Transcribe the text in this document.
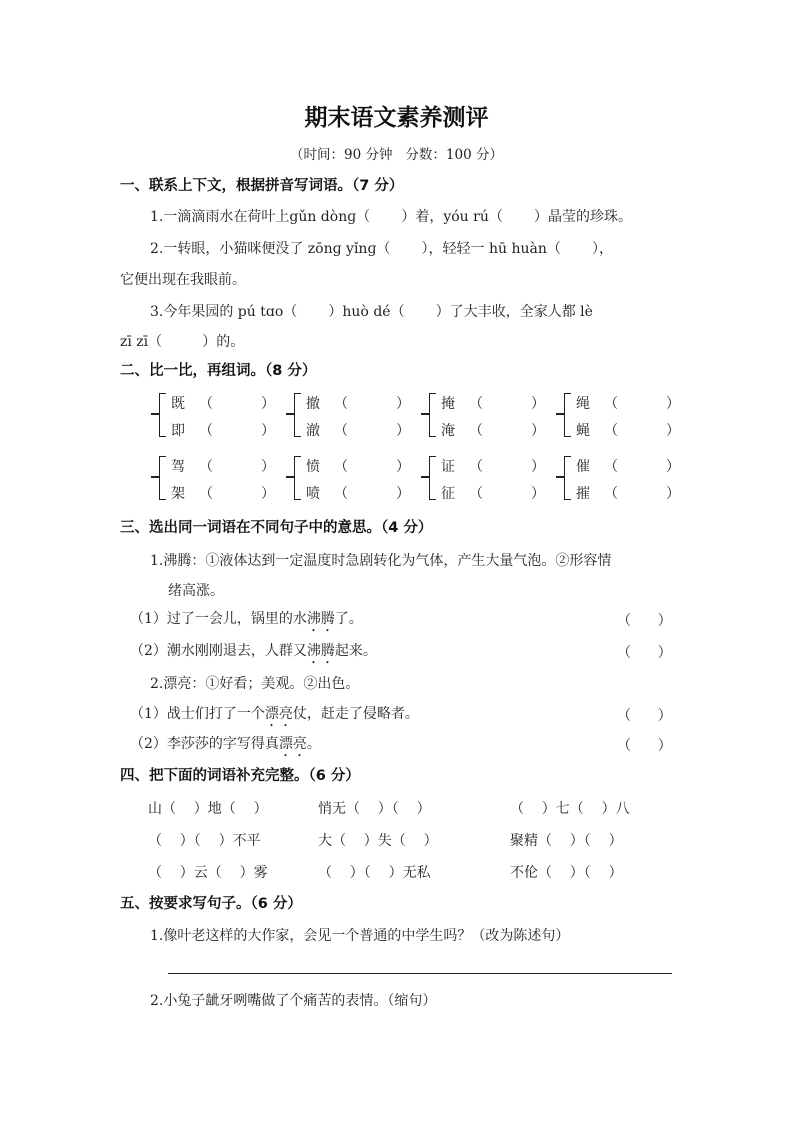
期末语文素养测评
（时间：90 分钟   分数：100 分）
一、联系上下文，根据拼音写词语。（7 分）
1.一滴滴雨水在荷叶上gǔn dònɡ（       ）着，yóu rú（       ）晶莹的珍珠。
2.一转眼，小猫咪便没了 zōnɡ yǐnɡ（       ），轻轻一 hū huàn（       ），
它便出现在我眼前。
3.今年果园的 pú tɑo（       ）huò dé（       ）了大丰收，全家人都 lè
zī zī（         ）的。
二、比一比，再组词。（8 分）
既 （	）
即 （	）
撤 （	）
澈 （	）
掩 （	）
淹 （	）
绳 （	）
蝇 （	）
驾 （	）
架 （	）
愤 （	）
喷 （	）
证 （	）
征 （	）
催 （	）
摧 （	）
三、选出同一词语在不同句子中的意思。（4 分）
1.沸腾：①液体达到一定温度时急剧转化为气体，产生大量气泡。②形容情
绪高涨。
（1）过了一会儿，锅里的水沸腾了。	（      ）
（2）潮水刚刚退去，人群又沸腾起来。	（      ）
2.漂亮：①好看；美观。②出色。
（1）战士们打了一个漂亮仗，赶走了侵略者。	（      ）
（2）李莎莎的字写得真漂亮。	（      ）
四、把下面的词语补充完整。（6 分）
山（    ）地（    ）	悄无（    ）（    ）	（    ）七（    ）八
（    ）（    ）不平	大（    ）失（    ）	聚精（    ）（    ）
（    ）云（    ）雾	（    ）（    ）无私	不伦（    ）（    ）
五、按要求写句子。（6 分）
1.像叶老这样的大作家，会见一个普通的中学生吗？（改为陈述句）
2.小兔子龇牙咧嘴做了个痛苦的表情。（缩句）
